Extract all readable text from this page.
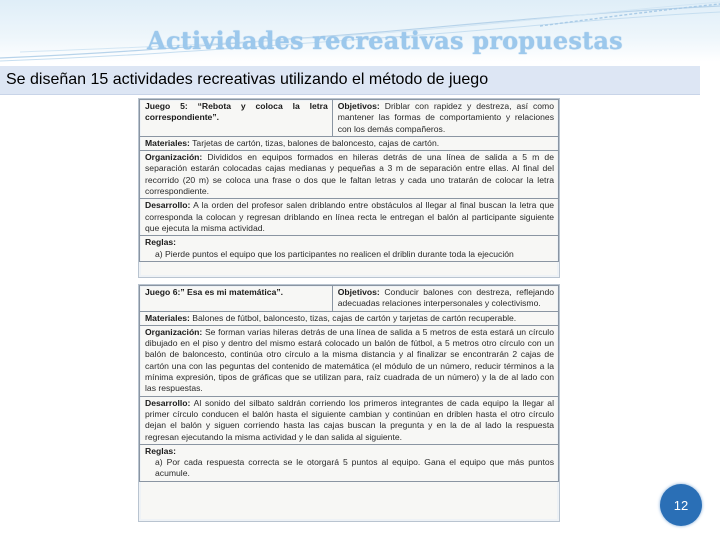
Actividades recreativas propuestas
Se diseñan 15 actividades recreativas utilizando el método de juego
Juego 5: “Rebota y coloca la letra correspondiente”.	Objetivos: Driblar con rapidez y destreza, así como mantener las formas de comportamiento y relaciones con los demás compañeros.
Materiales: Tarjetas de cartón, tizas, balones de baloncesto, cajas de cartón.
Organización: Divididos en equipos formados en hileras detrás de una línea de salida a 5 m de separación estarán colocadas cajas medianas y pequeñas a 3 m de separación entre ellas. Al final del recorrido (20 m) se coloca una frase o dos que le faltan letras y cada uno tratarán de colocar la letra correspondiente.
Desarrollo: A la orden del profesor salen driblando entre obstáculos al llegar al final buscan la letra que corresponda la colocan y regresan driblando en línea recta le entregan el balón al participante siguiente que ejecuta la misma actividad.
Reglas:
a) Pierde puntos el equipo que los participantes no realicen el driblin durante toda la ejecución
Juego 6:” Esa es mi matemática”.	Objetivos: Conducir balones con destreza, reflejando adecuadas relaciones interpersonales y colectivismo.
Materiales: Balones de fútbol, baloncesto, tizas, cajas de cartón y tarjetas de cartón recuperable.
Organización: Se forman varias hileras detrás de una línea de salida a 5 metros de esta estará un círculo dibujado en el piso y dentro del mismo estará colocado un balón de fútbol, a 5 metros otro círculo con un balón de baloncesto, continúa otro círculo a la misma distancia y al finalizar se encontrarán 2 cajas de cartón una con las peguntas del contenido de matemática (el módulo de un número, reducir términos a la mínima expresión, tipos de gráficas que se utilizan para, raíz cuadrada de un número) y la de al lado con las respuestas.
Desarrollo: Al sonido del silbato saldrán corriendo los primeros integrantes de cada equipo la llegar al primer círculo conducen el balón hasta el siguiente cambian y continúan en driblen hasta el otro círculo dejan el balón y siguen corriendo hasta las cajas buscan la pregunta y en la de al lado la respuesta regresan ejecutando la misma actividad y le dan salida al siguiente.
Reglas:
a) Por cada respuesta correcta se le otorgará 5 puntos al equipo. Gana el equipo que más puntos acumule.
12
